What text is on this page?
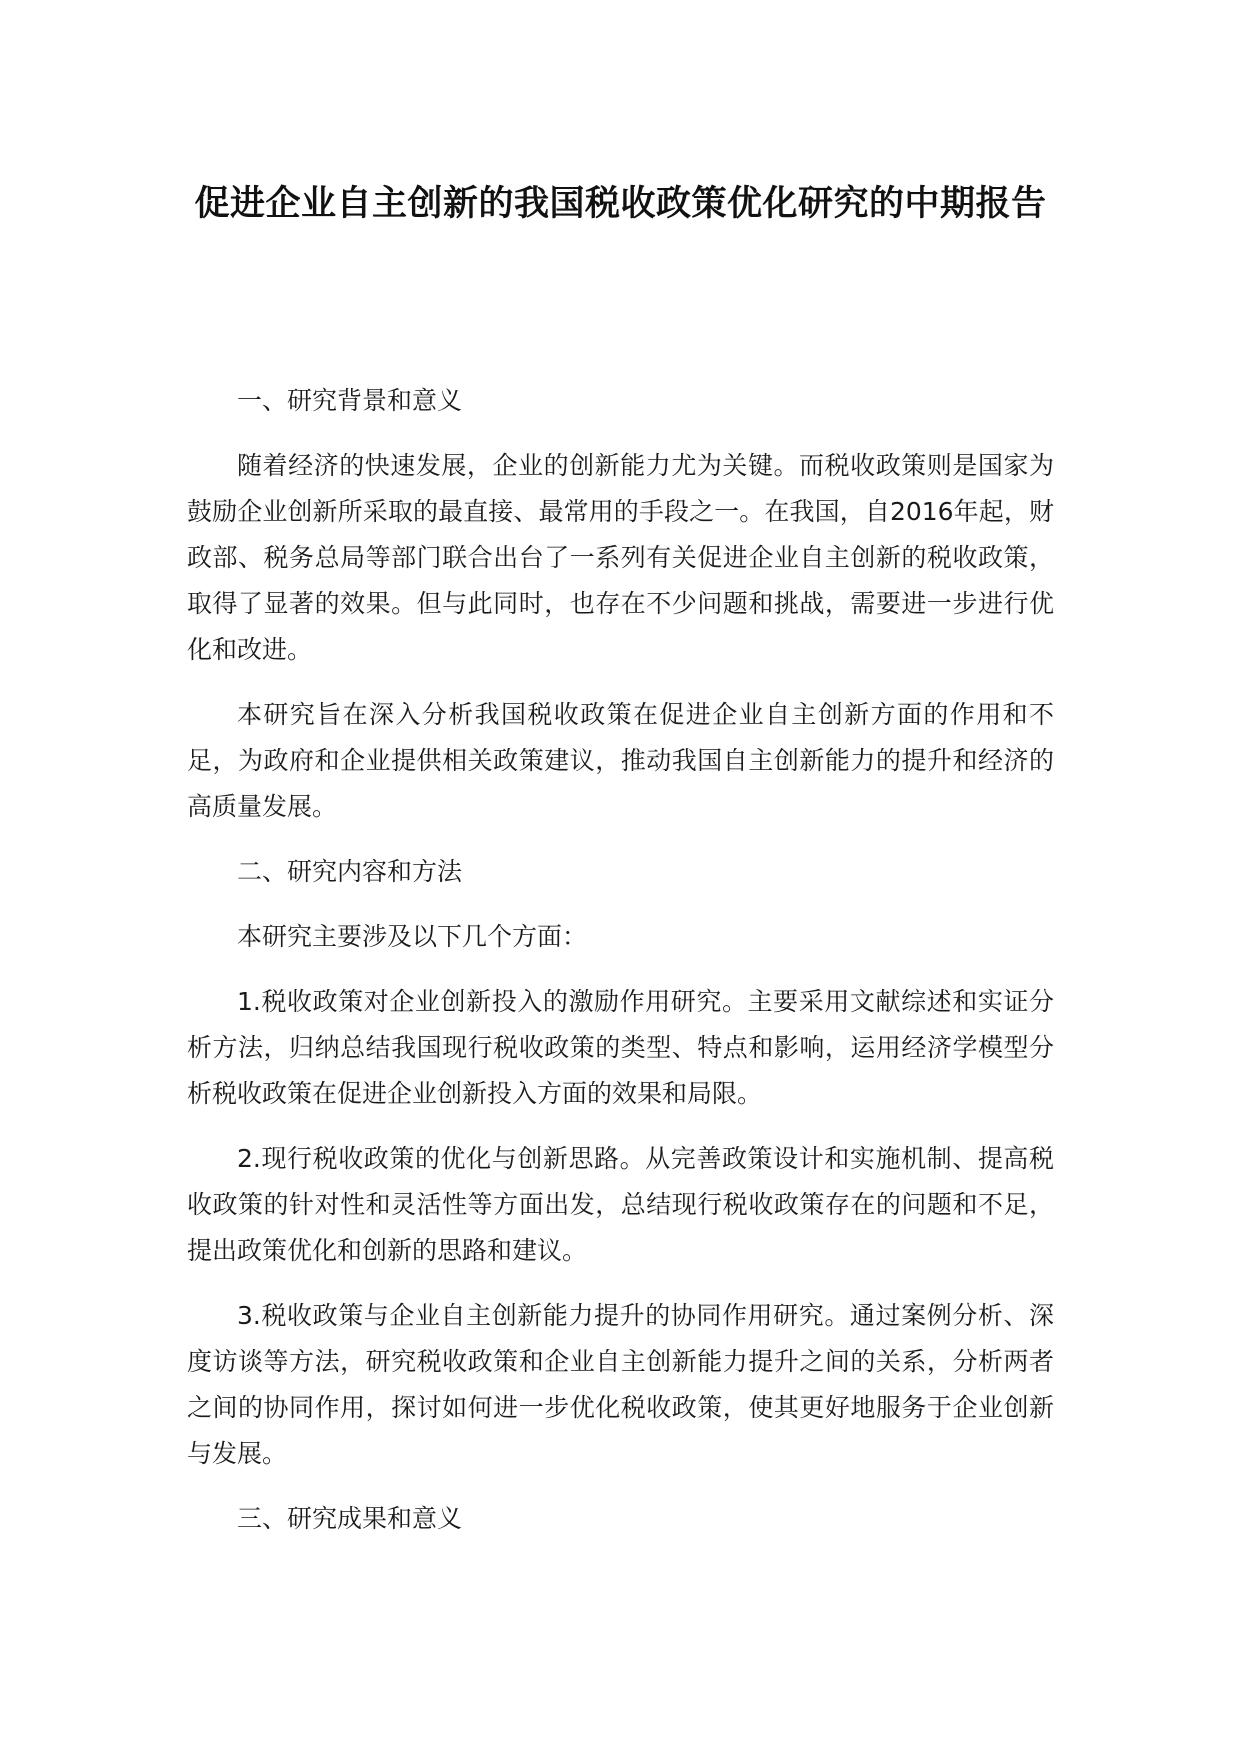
促进企业自主创新的我国税收政策优化研究的中期报告

一、研究背景和意义

随着经济的快速发展，企业的创新能力尤为关键。而税收政策则是国家为鼓励企业创新所采取的最直接、最常用的手段之一。在我国，自2016年起，财政部、税务总局等部门联合出台了一系列有关促进企业自主创新的税收政策，取得了显著的效果。但与此同时，也存在不少问题和挑战，需要进一步进行优化和改进。

本研究旨在深入分析我国税收政策在促进企业自主创新方面的作用和不足，为政府和企业提供相关政策建议，推动我国自主创新能力的提升和经济的高质量发展。

二、研究内容和方法

本研究主要涉及以下几个方面：

1.税收政策对企业创新投入的激励作用研究。主要采用文献综述和实证分析方法，归纳总结我国现行税收政策的类型、特点和影响，运用经济学模型分析税收政策在促进企业创新投入方面的效果和局限。

2.现行税收政策的优化与创新思路。从完善政策设计和实施机制、提高税收政策的针对性和灵活性等方面出发，总结现行税收政策存在的问题和不足，提出政策优化和创新的思路和建议。

3.税收政策与企业自主创新能力提升的协同作用研究。通过案例分析、深度访谈等方法，研究税收政策和企业自主创新能力提升之间的关系，分析两者之间的协同作用，探讨如何进一步优化税收政策，使其更好地服务于企业创新与发展。

三、研究成果和意义
